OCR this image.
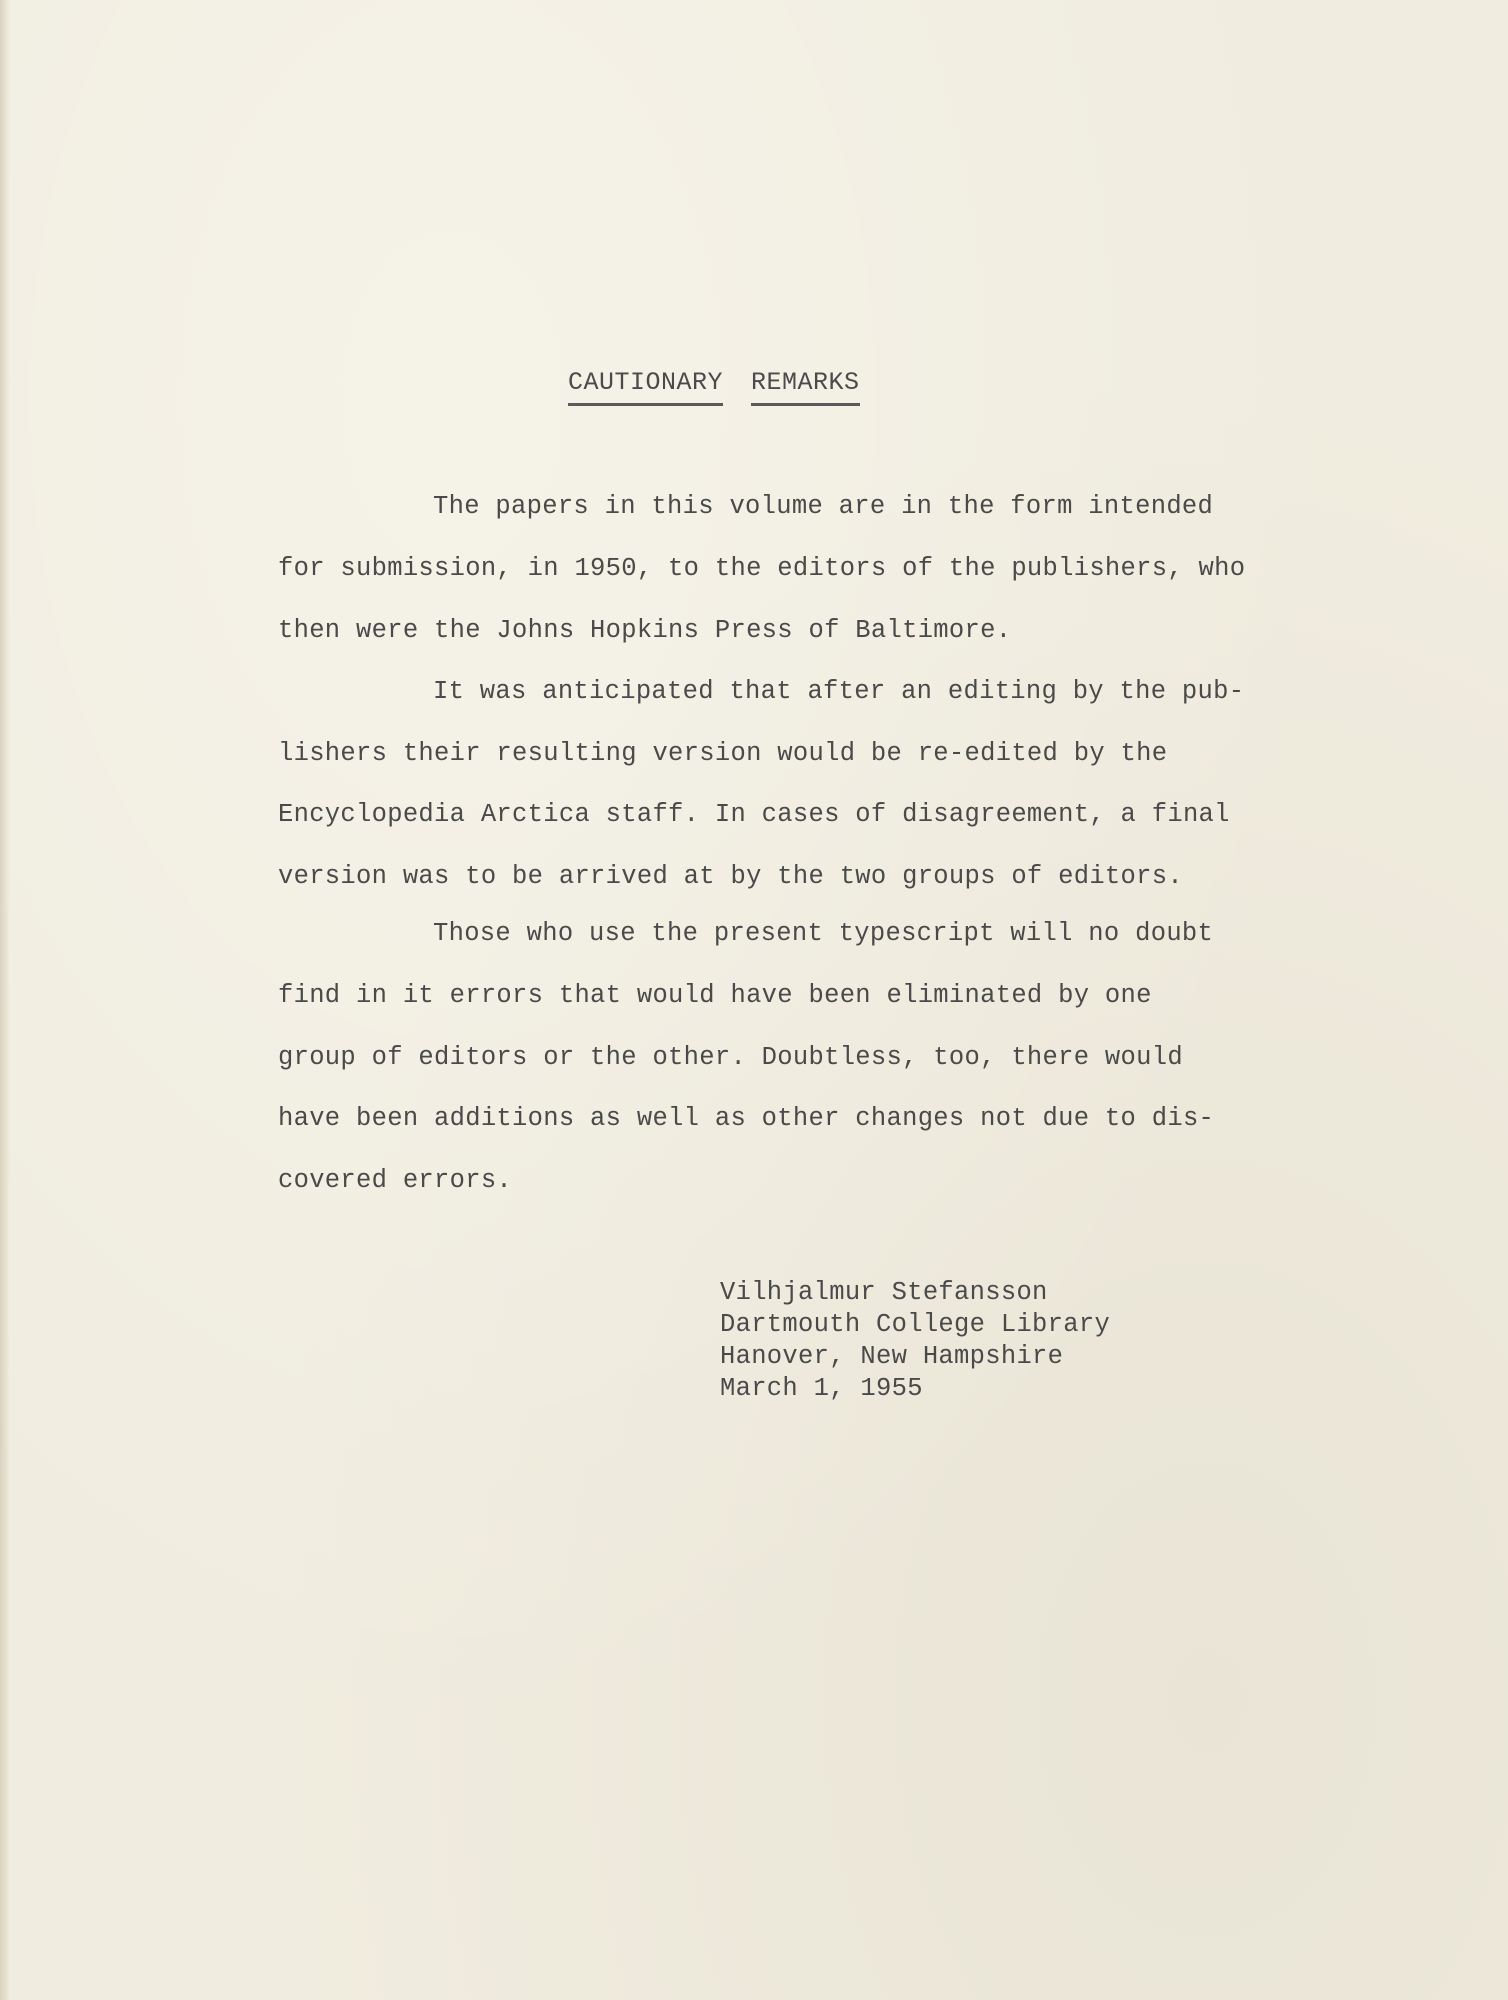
CAUTIONARY REMARKS
The papers in this volume are in the form intended
for submission, in 1950, to the editors of the publishers, who
then were the Johns Hopkins Press of Baltimore.
It was anticipated that after an editing by the pub-
lishers their resulting version would be re-edited by the
Encyclopedia Arctica staff. In cases of disagreement, a final
version was to be arrived at by the two groups of editors.
Those who use the present typescript will no doubt
find in it errors that would have been eliminated by one
group of editors or the other. Doubtless, too, there would
have been additions as well as other changes not due to dis-
covered errors.
Vilhjalmur Stefansson
Dartmouth College Library
Hanover, New Hampshire
March 1, 1955
